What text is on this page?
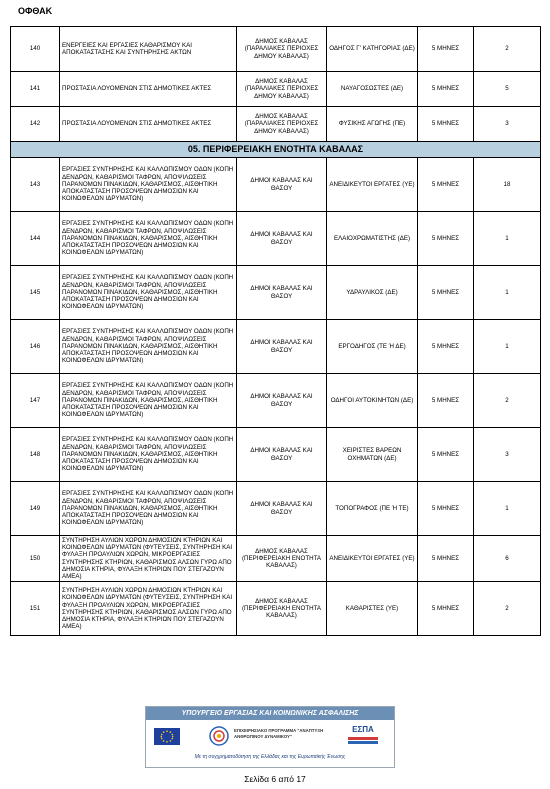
ΟΦΘΑΚ
140	ΕΝΕΡΓΕΙΕΣ ΚΑΙ ΕΡΓΑΣΙΕΣ ΚΑΘΑΡΙΣΜΟΥ ΚΑΙ ΑΠΟΚΑΤΑΣΤΑΣΗΣ ΚΑΙ ΣΥΝΤΗΡΗΣΗΣ ΑΚΤΩΝ	ΔΗΜΟΣ ΚΑΒΑΛΑΣ (ΠΑΡΑΛΙΑΚΕΣ ΠΕΡΙΟΧΕΣ ΔΗΜΟΥ ΚΑΒΑΛΑΣ)	ΟΔΗΓΟΣ Γ' ΚΑΤΗΓΟΡΙΑΣ (ΔΕ)	5 ΜΗΝΕΣ	2
141	ΠΡΟΣΤΑΣΙΑ ΛΟΥΟΜΕΝΩΝ ΣΤΙΣ ΔΗΜΟΤΙΚΕΣ ΑΚΤΕΣ	ΔΗΜΟΣ ΚΑΒΑΛΑΣ (ΠΑΡΑΛΙΑΚΕΣ ΠΕΡΙΟΧΕΣ ΔΗΜΟΥ ΚΑΒΑΛΑΣ)	ΝΑΥΑΓΟΣΩΣΤΕΣ (ΔΕ)	5 ΜΗΝΕΣ	5
142	ΠΡΟΣΤΑΣΙΑ ΛΟΥΟΜΕΝΩΝ ΣΤΙΣ ΔΗΜΟΤΙΚΕΣ ΑΚΤΕΣ	ΔΗΜΟΣ ΚΑΒΑΛΑΣ (ΠΑΡΑΛΙΑΚΕΣ ΠΕΡΙΟΧΕΣ ΔΗΜΟΥ ΚΑΒΑΛΑΣ)	ΦΥΣΙΚΗΣ ΑΓΩΓΗΣ (ΠΕ)	5 ΜΗΝΕΣ	3
05. ΠΕΡΙΦΕΡΕΙΑΚΗ ΕΝΟΤΗΤΑ ΚΑΒΑΛΑΣ					
143	ΕΡΓΑΣΙΕΣ ΣΥΝΤΗΡΗΣΗΣ ΚΑΙ ΚΑΛΛΩΠΙΣΜΟΥ ΟΔΩΝ (ΚΟΠΗ ΔΕΝΔΡΩΝ, ΚΑΘΑΡΙΣΜΟΙ ΤΑΦΡΩΝ, ΑΠΟΨΙΛΩΣΕΙΣ ΠΑΡΑΝΟΜΩΝ ΠΙΝΑΚΙΔΩΝ, ΚΑΘΑΡΙΣΜΟΣ, ΑΙΣΘΗΤΙΚΗ ΑΠΟΚΑΤΑΣΤΑΣΗ ΠΡΟΣΟΨΕΩΝ ΔΗΜΟΣΙΩΝ ΚΑΙ ΚΟΙΝΩΦΕΛΩΝ ΙΔΡΥΜΑΤΩΝ)	ΔΗΜΟΙ ΚΑΒΑΛΑΣ ΚΑΙ ΘΑΣΟΥ	ΑΝΕΙΔΙΚΕΥΤΟΙ ΕΡΓΑΤΕΣ (ΥΕ)	5 ΜΗΝΕΣ	18
144	ΕΡΓΑΣΙΕΣ ΣΥΝΤΗΡΗΣΗΣ ΚΑΙ ΚΑΛΛΩΠΙΣΜΟΥ ΟΔΩΝ (ΚΟΠΗ ΔΕΝΔΡΩΝ, ΚΑΘΑΡΙΣΜΟΙ ΤΑΦΡΩΝ, ΑΠΟΨΙΛΩΣΕΙΣ ΠΑΡΑΝΟΜΩΝ ΠΙΝΑΚΙΔΩΝ, ΚΑΘΑΡΙΣΜΟΣ, ΑΙΣΘΗΤΙΚΗ ΑΠΟΚΑΤΑΣΤΑΣΗ ΠΡΟΣΟΨΕΩΝ ΔΗΜΟΣΙΩΝ ΚΑΙ ΚΟΙΝΩΦΕΛΩΝ ΙΔΡΥΜΑΤΩΝ)	ΔΗΜΟΙ ΚΑΒΑΛΑΣ ΚΑΙ ΘΑΣΟΥ	ΕΛΑΙΟΧΡΩΜΑΤΙΣΤΗΣ (ΔΕ)	5 ΜΗΝΕΣ	1
145	ΕΡΓΑΣΙΕΣ ΣΥΝΤΗΡΗΣΗΣ ΚΑΙ ΚΑΛΛΩΠΙΣΜΟΥ ΟΔΩΝ (ΚΟΠΗ ΔΕΝΔΡΩΝ, ΚΑΘΑΡΙΣΜΟΙ ΤΑΦΡΩΝ, ΑΠΟΨΙΛΩΣΕΙΣ ΠΑΡΑΝΟΜΩΝ ΠΙΝΑΚΙΔΩΝ, ΚΑΘΑΡΙΣΜΟΣ, ΑΙΣΘΗΤΙΚΗ ΑΠΟΚΑΤΑΣΤΑΣΗ ΠΡΟΣΟΨΕΩΝ ΔΗΜΟΣΙΩΝ ΚΑΙ ΚΟΙΝΩΦΕΛΩΝ ΙΔΡΥΜΑΤΩΝ)	ΔΗΜΟΙ ΚΑΒΑΛΑΣ ΚΑΙ ΘΑΣΟΥ	ΥΔΡΑΥΛΙΚΟΣ (ΔΕ)	5 ΜΗΝΕΣ	1
146	ΕΡΓΑΣΙΕΣ ΣΥΝΤΗΡΗΣΗΣ ΚΑΙ ΚΑΛΛΩΠΙΣΜΟΥ ΟΔΩΝ (ΚΟΠΗ ΔΕΝΔΡΩΝ, ΚΑΘΑΡΙΣΜΟΙ ΤΑΦΡΩΝ, ΑΠΟΨΙΛΩΣΕΙΣ ΠΑΡΑΝΟΜΩΝ ΠΙΝΑΚΙΔΩΝ, ΚΑΘΑΡΙΣΜΟΣ, ΑΙΣΘΗΤΙΚΗ ΑΠΟΚΑΤΑΣΤΑΣΗ ΠΡΟΣΟΨΕΩΝ ΔΗΜΟΣΙΩΝ ΚΑΙ ΚΟΙΝΩΦΕΛΩΝ ΙΔΡΥΜΑΤΩΝ)	ΔΗΜΟΙ ΚΑΒΑΛΑΣ ΚΑΙ ΘΑΣΟΥ	ΕΡΓΟΔΗΓΟΣ (ΤΕ Ή ΔΕ)	5 ΜΗΝΕΣ	1
147	ΕΡΓΑΣΙΕΣ ΣΥΝΤΗΡΗΣΗΣ ΚΑΙ ΚΑΛΛΩΠΙΣΜΟΥ ΟΔΩΝ (ΚΟΠΗ ΔΕΝΔΡΩΝ, ΚΑΘΑΡΙΣΜΟΙ ΤΑΦΡΩΝ, ΑΠΟΨΙΛΩΣΕΙΣ ΠΑΡΑΝΟΜΩΝ ΠΙΝΑΚΙΔΩΝ, ΚΑΘΑΡΙΣΜΟΣ, ΑΙΣΘΗΤΙΚΗ ΑΠΟΚΑΤΑΣΤΑΣΗ ΠΡΟΣΟΨΕΩΝ ΔΗΜΟΣΙΩΝ ΚΑΙ ΚΟΙΝΩΦΕΛΩΝ ΙΔΡΥΜΑΤΩΝ)	ΔΗΜΟΙ ΚΑΒΑΛΑΣ ΚΑΙ ΘΑΣΟΥ	ΟΔΗΓΟΙ ΑΥΤΟΚΙΝΗΤΩΝ (ΔΕ)	5 ΜΗΝΕΣ	2
148	ΕΡΓΑΣΙΕΣ ΣΥΝΤΗΡΗΣΗΣ ΚΑΙ ΚΑΛΛΩΠΙΣΜΟΥ ΟΔΩΝ (ΚΟΠΗ ΔΕΝΔΡΩΝ, ΚΑΘΑΡΙΣΜΟΙ ΤΑΦΡΩΝ, ΑΠΟΨΙΛΩΣΕΙΣ ΠΑΡΑΝΟΜΩΝ ΠΙΝΑΚΙΔΩΝ, ΚΑΘΑΡΙΣΜΟΣ, ΑΙΣΘΗΤΙΚΗ ΑΠΟΚΑΤΑΣΤΑΣΗ ΠΡΟΣΟΨΕΩΝ ΔΗΜΟΣΙΩΝ ΚΑΙ ΚΟΙΝΩΦΕΛΩΝ ΙΔΡΥΜΑΤΩΝ)	ΔΗΜΟΙ ΚΑΒΑΛΑΣ ΚΑΙ ΘΑΣΟΥ	ΧΕΙΡΙΣΤΕΣ ΒΑΡΕΩΝ ΟΧΗΜΑΤΩΝ (ΔΕ)	5 ΜΗΝΕΣ	3
149	ΕΡΓΑΣΙΕΣ ΣΥΝΤΗΡΗΣΗΣ ΚΑΙ ΚΑΛΛΩΠΙΣΜΟΥ ΟΔΩΝ (ΚΟΠΗ ΔΕΝΔΡΩΝ, ΚΑΘΑΡΙΣΜΟΙ ΤΑΦΡΩΝ, ΑΠΟΨΙΛΩΣΕΙΣ ΠΑΡΑΝΟΜΩΝ ΠΙΝΑΚΙΔΩΝ, ΚΑΘΑΡΙΣΜΟΣ, ΑΙΣΘΗΤΙΚΗ ΑΠΟΚΑΤΑΣΤΑΣΗ ΠΡΟΣΟΨΕΩΝ ΔΗΜΟΣΙΩΝ ΚΑΙ ΚΟΙΝΩΦΕΛΩΝ ΙΔΡΥΜΑΤΩΝ)	ΔΗΜΟΙ ΚΑΒΑΛΑΣ ΚΑΙ ΘΑΣΟΥ	ΤΟΠΟΓΡΑΦΟΣ (ΠΕ Ή ΤΕ)	5 ΜΗΝΕΣ	1
150	ΣΥΝΤΗΡΗΣΗ ΑΥΛΙΩΝ ΧΩΡΩΝ ΔΗΜΟΣΙΩΝ ΚΤΗΡΙΩΝ ΚΑΙ ΚΟΙΝΩΦΕΛΩΝ ΙΔΡΥΜΑΤΩΝ (ΦΥΤΕΥΣΕΙΣ, ΣΥΝΤΗΡΗΣΗ ΚΑΙ ΦΥΛΑΞΗ ΠΡΟΑΥΛΙΩΝ ΧΩΡΩΝ, ΜΙΚΡΟΕΡΓΑΣΙΕΣ ΣΥΝΤΗΡΗΣΗΣ ΚΤΗΡΙΩΝ, ΚΑΘΑΡΙΣΜΟΣ ΑΛΣΩΝ ΓΥΡΩ ΑΠΟ ΔΗΜΟΣΙΑ ΚΤΗΡΙΑ, ΦΥΛΑΞΗ ΚΤΗΡΙΩΝ ΠΟΥ ΣΤΕΓΑΖΟΥΝ ΑΜΕΑ)	ΔΗΜΟΣ ΚΑΒΑΛΑΣ (ΠΕΡΙΦΕΡΕΙΑΚΗ ΕΝΟΤΗΤΑ ΚΑΒΑΛΑΣ)	ΑΝΕΙΔΙΚΕΥΤΟΙ ΕΡΓΑΤΕΣ (ΥΕ)	5 ΜΗΝΕΣ	6
151	ΣΥΝΤΗΡΗΣΗ ΑΥΛΙΩΝ ΧΩΡΩΝ ΔΗΜΟΣΙΩΝ ΚΤΗΡΙΩΝ ΚΑΙ ΚΟΙΝΩΦΕΛΩΝ ΙΔΡΥΜΑΤΩΝ (ΦΥΤΕΥΣΕΙΣ, ΣΥΝΤΗΡΗΣΗ ΚΑΙ ΦΥΛΑΞΗ ΠΡΟΑΥΛΙΩΝ ΧΩΡΩΝ, ΜΙΚΡΟΕΡΓΑΣΙΕΣ ΣΥΝΤΗΡΗΣΗΣ ΚΤΗΡΙΩΝ, ΚΑΘΑΡΙΣΜΟΣ ΑΛΣΩΝ ΓΥΡΩ ΑΠΟ ΔΗΜΟΣΙΑ ΚΤΗΡΙΑ, ΦΥΛΑΞΗ ΚΤΗΡΙΩΝ ΠΟΥ ΣΤΕΓΑΖΟΥΝ ΑΜΕΑ)	ΔΗΜΟΣ ΚΑΒΑΛΑΣ (ΠΕΡΙΦΕΡΕΙΑΚΗ ΕΝΟΤΗΤΑ ΚΑΒΑΛΑΣ)	ΚΑΘΑΡΙΣΤΕΣ (ΥΕ)	5 ΜΗΝΕΣ	2
ΥΠΟΥΡΓΕΙΟ ΕΡΓΑΣΙΑΣ ΚΑΙ ΚΟΙΝΩΝΙΚΗΣ ΑΣΦΑΛΙΣΗΣ
ΕΠΙΧΕΙΡΗΣΙΑΚΟ ΠΡΟΓΡΑΜΜΑ "ΑΝΑΠΤΥΞΗ ΑΝΘΡΩΠΙΝΟΥ ΔΥΝΑΜΙΚΟΥ"
ΕΣΠΑ
Με τη συγχρηματοδότηση της Ελλάδας και της Ευρωπαϊκής Ένωσης
Σελίδα 6 από 17
